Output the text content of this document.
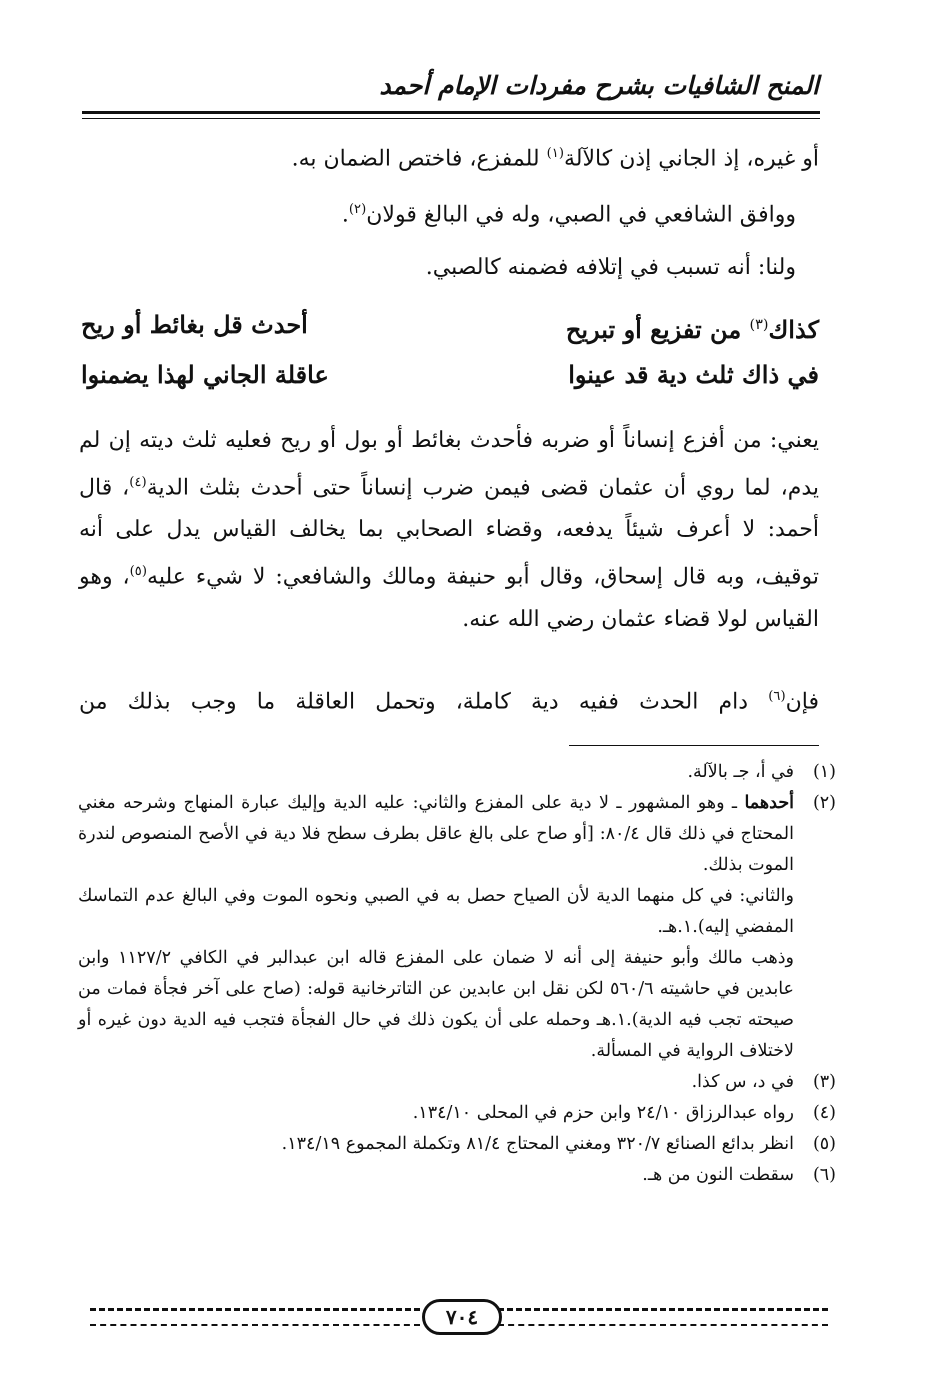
المنح الشافيات بشرح مفردات الإمام أحمد

أو غيره، إذ الجاني إذن كالآلة$^{(١)}$ للمفزع، فاختص الضمان به.

ووافق الشافعي في الصبي، وله في البالغ قولان$^{(٢)}$.

ولنا: أنه تسبب في إتلافه فضمنه كالصبي.

كذاك$^{(٣)}$ من تفزيع أو تبريح
أحدث قل بغائط أو ريح
في ذاك ثلث دية قد عينوا
عاقلة الجاني لهذا يضمنوا

يعني: من أفزع إنساناً أو ضربه فأحدث بغائط أو بول أو ريح فعليه ثلث ديته إن لم يدم، لما روي أن عثمان قضى فيمن ضرب إنساناً حتى أحدث بثلث الدية$^{(٤)}$، قال أحمد: لا أعرف شيئاً يدفعه، وقضاء الصحابي بما يخالف القياس يدل على أنه توقيف، وبه قال إسحاق، وقال أبو حنيفة ومالك والشافعي: لا شيء عليه$^{(٥)}$، وهو القياس لولا قضاء عثمان رضي الله عنه.

فإن$^{(٦)}$ دام الحدث ففيه دية كاملة، وتحمل العاقلة ما وجب بذلك من

(١)
في أ، جـ بالآلة.
(٢)
أحدهما ـ وهو المشهور ـ لا دية على المفزع والثاني: عليه الدية وإليك عبارة المنهاج وشرحه مغني المحتاج في ذلك قال ٨٠/٤: [أو صاح على بالغ عاقل بطرف سطح فلا دية في الأصح المنصوص لندرة الموت بذلك.
والثاني: في كل منهما الدية لأن الصياح حصل به في الصبي ونحوه الموت وفي البالغ عدم التماسك المفضي إليه).١.هـ.
وذهب مالك وأبو حنيفة إلى أنه لا ضمان على المفزع قاله ابن عبدالبر في الكافي ١١٢٧/٢ وابن عابدين في حاشيته ٥٦٠/٦ لكن نقل ابن عابدين عن التاترخانية قوله: (صاح على آخر فجأة فمات من صيحته تجب فيه الدية).١.هـ وحمله على أن يكون ذلك في حال الفجأة فتجب فيه الدية دون غيره أو لاختلاف الرواية في المسألة.
(٣)
في د، س كذا.
(٤)
رواه عبدالرزاق ٢٤/١٠ وابن حزم في المحلى ١٣٤/١٠.
(٥)
انظر بدائع الصنائع ٣٢٠/٧ ومغني المحتاج ٨١/٤ وتكملة المجموع ١٣٤/١٩.
(٦)
سقطت النون من هـ.
٧٠٤
